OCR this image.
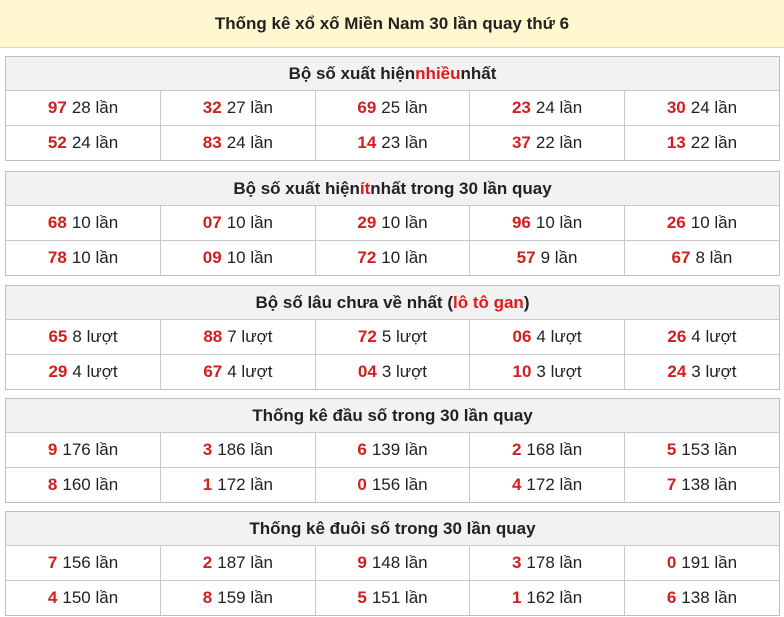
Thống kê xổ xố Miền Nam 30 lần quay thứ 6
Bộ số xuất hiện nhiều nhất
97 28 lần	32 27 lần	69 25 lần	23 24 lần	30 24 lần
52 24 lần	83 24 lần	14 23 lần	37 22 lần	13 22 lần
Bộ số xuất hiện ít nhất trong 30 lần quay
68 10 lần	07 10 lần	29 10 lần	96 10 lần	26 10 lần
78 10 lần	09 10 lần	72 10 lần	57 9 lần	67 8 lần
Bộ số lâu chưa về nhất ( lô tô gan )
65 8 lượt	88 7 lượt	72 5 lượt	06 4 lượt	26 4 lượt
29 4 lượt	67 4 lượt	04 3 lượt	10 3 lượt	24 3 lượt
Thống kê đầu số trong 30 lần quay
9 176 lần	3 186 lần	6 139 lần	2 168 lần	5 153 lần
8 160 lần	1 172 lần	0 156 lần	4 172 lần	7 138 lần
Thống kê đuôi số trong 30 lần quay
7 156 lần	2 187 lần	9 148 lần	3 178 lần	0 191 lần
4 150 lần	8 159 lần	5 151 lần	1 162 lần	6 138 lần
